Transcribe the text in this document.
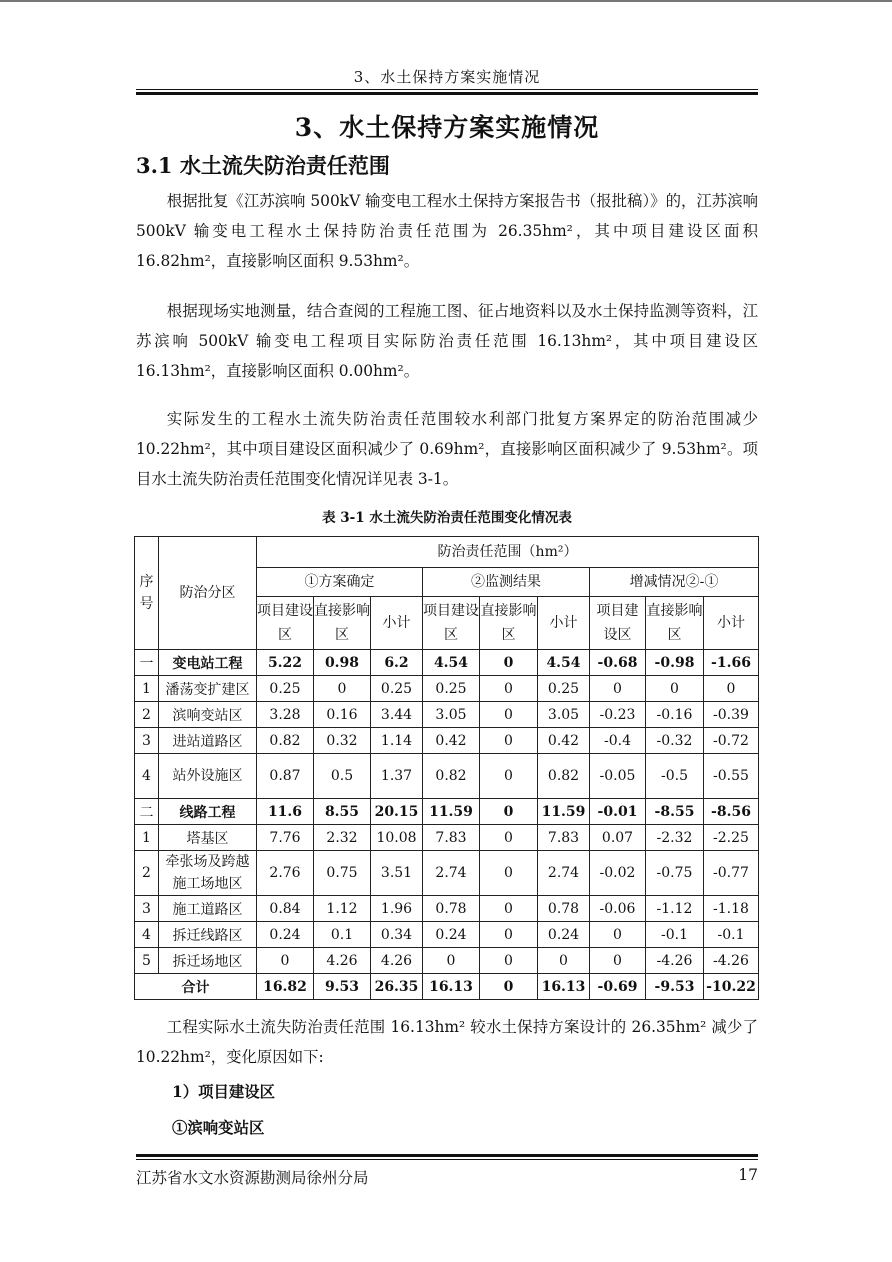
3、水土保持方案实施情况
3、水土保持方案实施情况
3.1 水土流失防治责任范围

根据批复《江苏滨响 500kV 输变电工程水土保持方案报告书（报批稿）》的，江苏滨响 500kV 输变电工程水土保持防治责任范围为 26.35hm²，其中项目建设区面积 16.82hm²，直接影响区面积 9.53hm²。

根据现场实地测量，结合查阅的工程施工图、征占地资料以及水土保持监测等资料，江苏滨响 500kV 输变电工程项目实际防治责任范围 16.13hm²，其中项目建设区 16.13hm²，直接影响区面积 0.00hm²。

实际发生的工程水土流失防治责任范围较水利部门批复方案界定的防治范围减少 10.22hm²，其中项目建设区面积减少了 0.69hm²，直接影响区面积减少了 9.53hm²。项目水土流失防治责任范围变化情况详见表 3-1。

表 3-1 水土流失防治责任范围变化情况表
序号	防治分区	防治责任范围（hm²）								
		①方案确定			②监测结果			增减情况②-①		
		项目建设区	直接影响区	小计	项目建设区	直接影响区	小计	项目建设区	直接影响区	小计
一	变电站工程	5.22	0.98	6.2	4.54	0	4.54	-0.68	-0.98	-1.66
1	潘荡变扩建区	0.25	0	0.25	0.25	0	0.25	0	0	0
2	滨响变站区	3.28	0.16	3.44	3.05	0	3.05	-0.23	-0.16	-0.39
3	进站道路区	0.82	0.32	1.14	0.42	0	0.42	-0.4	-0.32	-0.72
4	站外设施区	0.87	0.5	1.37	0.82	0	0.82	-0.05	-0.5	-0.55
二	线路工程	11.6	8.55	20.15	11.59	0	11.59	-0.01	-8.55	-8.56
1	塔基区	7.76	2.32	10.08	7.83	0	7.83	0.07	-2.32	-2.25
2	牵张场及跨越施工场地区	2.76	0.75	3.51	2.74	0	2.74	-0.02	-0.75	-0.77
3	施工道路区	0.84	1.12	1.96	0.78	0	0.78	-0.06	-1.12	-1.18
4	拆迁线路区	0.24	0.1	0.34	0.24	0	0.24	0	-0.1	-0.1
5	拆迁场地区	0	4.26	4.26	0	0	0	0	-4.26	-4.26
合计		16.82	9.53	26.35	16.13	0	16.13	-0.69	-9.53	-10.22

工程实际水土流失防治责任范围 16.13hm² 较水土保持方案设计的 26.35hm² 减少了 10.22hm²，变化原因如下:

1）项目建设区

①滨响变站区

江苏省水文水资源勘测局徐州分局	17
